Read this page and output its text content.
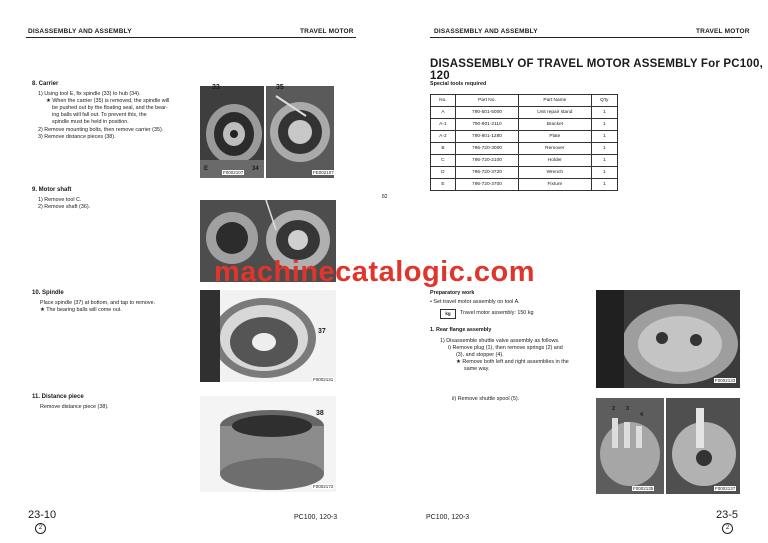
DISASSEMBLY AND ASSEMBLY	TRAVEL MOTOR
8. Carrier
1) Using tool E, fix spindle (33) to hub (34).
★ When the carrier (35) is removed, the spindle will
be pushed out by the floating seal, and the bear-
ing balls will fall out. To prevent this, the
spindle must be held in position.
2) Remove mounting bolts, then remove carrier (35).
3) Remove distance pieces (38).
33
E	34
F0002107
35
FE002107
9. Motor shaft
1) Remove tool C.
2) Remove shaft (36).
10. Spindle
Place spindle (37) at bottom, and tap to remove.
★ The bearing balls will come out.
37
F0002131
11. Distance piece
Remove distance piece (38).
38
F0002172
23-10
2
PC100, 120-3
DISASSEMBLY AND ASSEMBLY	TRAVEL MOTOR
DISASSEMBLY OF TRAVEL MOTOR ASSEMBLY For PC100, 120
Special tools required
No.	Part No.	Part Name	Q'ty
A	790-501-5000	Unit repair stand	1
A-1	790-901-2110	Bracket	1
A-2	790-901-1280	Plate	1
B	796-720-3000	Remover	1
C	796-720-2100	Holder	1
D	796-720-3720	Wrench	1
E	796-720-3700	Fixture	1
Preparatory work
• Set travel motor assembly on tool A.
kg	Travel motor assembly: 150 kg
1. Rear flange assembly
1) Disassemble shuttle valve assembly as follows.
i) Remove plug (1), then remove springs (2) and
(3), and stopper (4).
★ Remove both left and right assemblies in the
same way.
ii) Remove shuttle spool (5).
F0002133
2 3
4
F0002135	F0002137
PC100, 120-3	23-5
2
82
machinecatalogic.com
